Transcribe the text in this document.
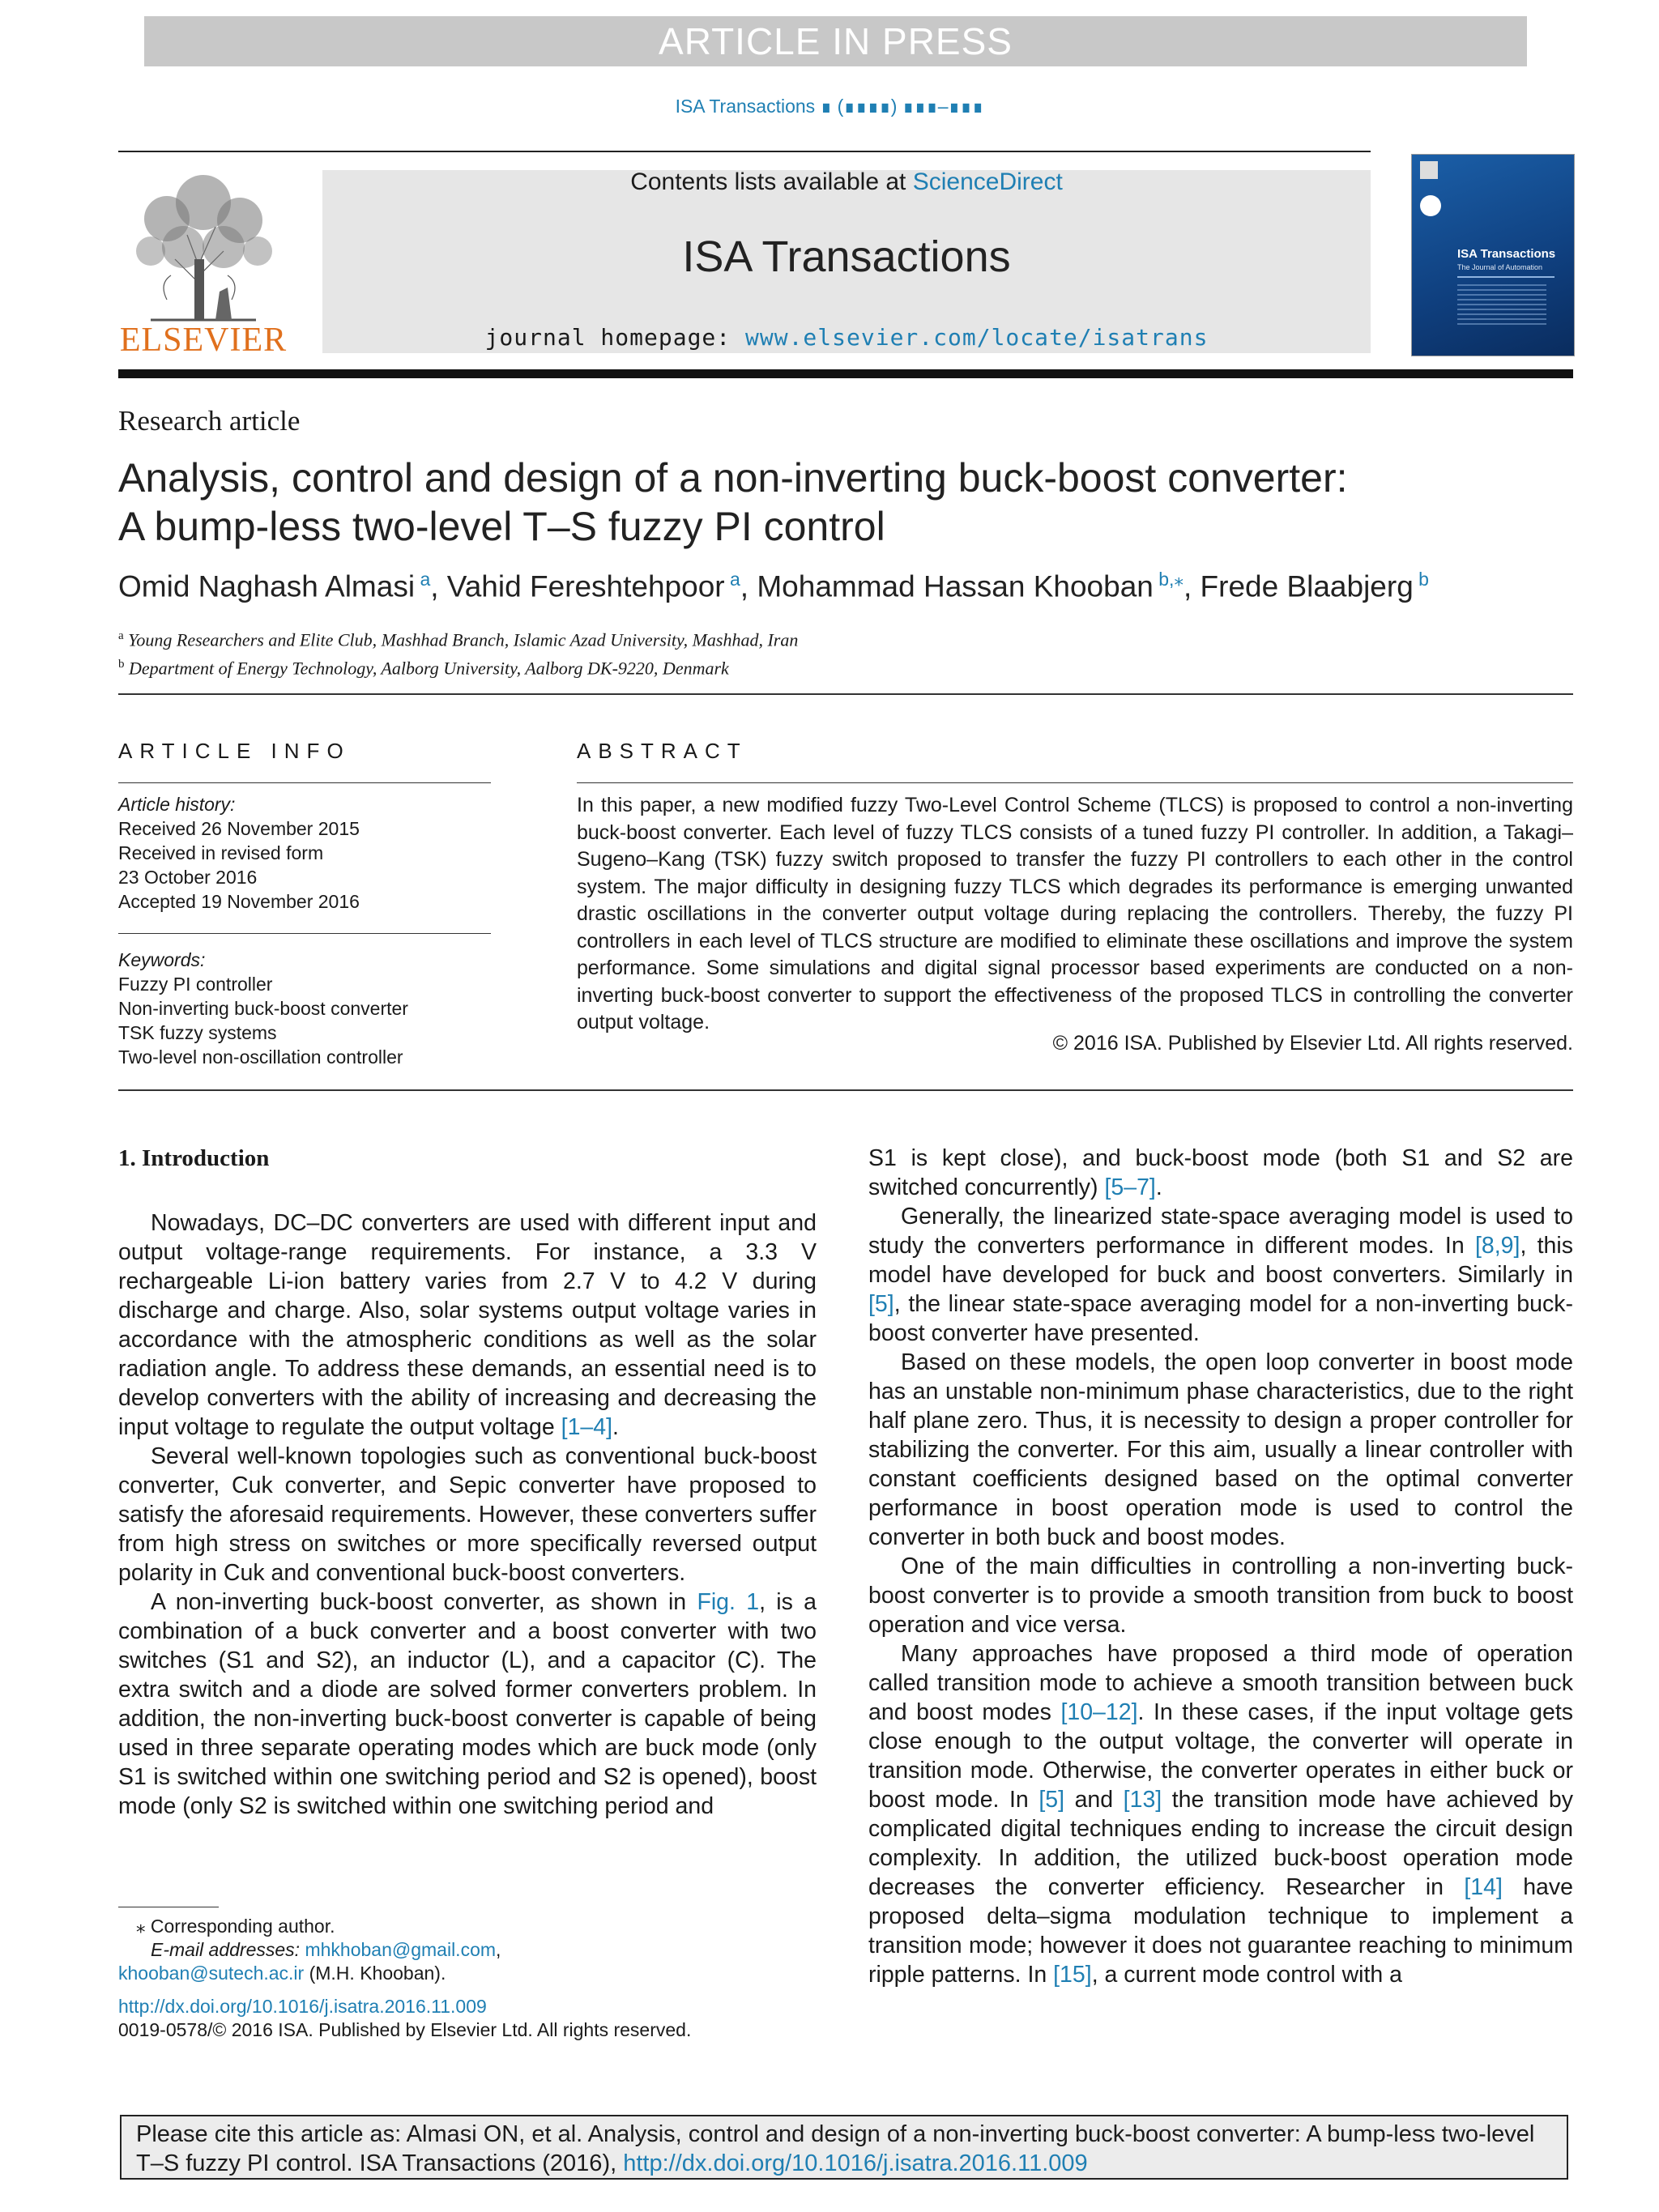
ARTICLE IN PRESS
ISA Transactions ∎ (∎∎∎∎) ∎∎∎–∎∎∎
ELSEVIER
Contents lists available at ScienceDirect
ISA Transactions
journal homepage: www.elsevier.com/locate/isatrans
ISA Transactions
The Journal of Automation
Research article
Analysis, control and design of a non-inverting buck-boost converter:
A bump-less two-level T–S fuzzy PI control
Omid Naghash Almasi $^a$, Vahid Fereshtehpoor $^a$, Mohammad Hassan Khooban $^{b,⁎}$, Frede Blaabjerg $^b$
$^a$ Young Researchers and Elite Club, Mashhad Branch, Islamic Azad University, Mashhad, Iran
$^b$ Department of Energy Technology, Aalborg University, Aalborg DK-9220, Denmark
ARTICLE INFO
Article history:
Received 26 November 2015
Received in revised form
23 October 2016
Accepted 19 November 2016
Keywords:
Fuzzy PI controller
Non-inverting buck-boost converter
TSK fuzzy systems
Two-level non-oscillation controller
ABSTRACT
In this paper, a new modified fuzzy Two-Level Control Scheme (TLCS) is proposed to control a non-inverting buck-boost converter. Each level of fuzzy TLCS consists of a tuned fuzzy PI controller. In addition, a Takagi–Sugeno–Kang (TSK) fuzzy switch proposed to transfer the fuzzy PI controllers to each other in the control system. The major difficulty in designing fuzzy TLCS which degrades its performance is emerging unwanted drastic oscillations in the converter output voltage during replacing the controllers. Thereby, the fuzzy PI controllers in each level of TLCS structure are modified to eliminate these oscillations and improve the system performance. Some simulations and digital signal processor based experiments are conducted on a non-inverting buck-boost converter to support the effectiveness of the proposed TLCS in controlling the converter output voltage.
© 2016 ISA. Published by Elsevier Ltd. All rights reserved.
1. Introduction

Nowadays, DC–DC converters are used with different input and output voltage-range requirements. For instance, a 3.3 V rechargeable Li-ion battery varies from 2.7 V to 4.2 V during discharge and charge. Also, solar systems output voltage varies in accordance with the atmospheric conditions as well as the solar radiation angle. To address these demands, an essential need is to develop converters with the ability of increasing and decreasing the input voltage to regulate the output voltage [1–4].

Several well-known topologies such as conventional buck-boost converter, Cuk converter, and Sepic converter have proposed to satisfy the aforesaid requirements. However, these converters suffer from high stress on switches or more specifically reversed output polarity in Cuk and conventional buck-boost converters.

A non-inverting buck-boost converter, as shown in Fig. 1, is a combination of a buck converter and a boost converter with two switches (S1 and S2), an inductor (L), and a capacitor (C). The extra switch and a diode are solved former converters problem. In addition, the non-inverting buck-boost converter is capable of being used in three separate operating modes which are buck mode (only S1 is switched within one switching period and S2 is opened), boost mode (only S2 is switched within one switching period and

S1 is kept close), and buck-boost mode (both S1 and S2 are switched concurrently) [5–7].

Generally, the linearized state-space averaging model is used to study the converters performance in different modes. In [8,9], this model have developed for buck and boost converters. Similarly in [5], the linear state-space averaging model for a non-inverting buck-boost converter have presented.

Based on these models, the open loop converter in boost mode has an unstable non-minimum phase characteristics, due to the right half plane zero. Thus, it is necessity to design a proper controller for stabilizing the converter. For this aim, usually a linear controller with constant coefficients designed based on the optimal converter performance in boost operation mode is used to control the converter in both buck and boost modes.

One of the main difficulties in controlling a non-inverting buck-boost converter is to provide a smooth transition from buck to boost operation and vice versa.

Many approaches have proposed a third mode of operation called transition mode to achieve a smooth transition between buck and boost modes [10–12]. In these cases, if the input voltage gets close enough to the output voltage, the converter will operate in transition mode. Otherwise, the converter operates in either buck or boost mode. In [5] and [13] the transition mode have achieved by complicated digital techniques ending to increase the circuit design complexity. In addition, the utilized buck-boost operation mode decreases the converter efficiency. Researcher in [14] have proposed delta–sigma modulation technique to implement a transition mode; however it does not guarantee reaching to minimum ripple patterns. In [15], a current mode control with a

⁎ Corresponding author.
E-mail addresses: mhkhoban@gmail.com,
khooban@sutech.ac.ir (M.H. Khooban).
http://dx.doi.org/10.1016/j.isatra.2016.11.009
0019-0578/© 2016 ISA. Published by Elsevier Ltd. All rights reserved.
Please cite this article as: Almasi ON, et al. Analysis, control and design of a non-inverting buck-boost converter: A bump-less two-level T–S fuzzy PI control. ISA Transactions (2016), http://dx.doi.org/10.1016/j.isatra.2016.11.009
